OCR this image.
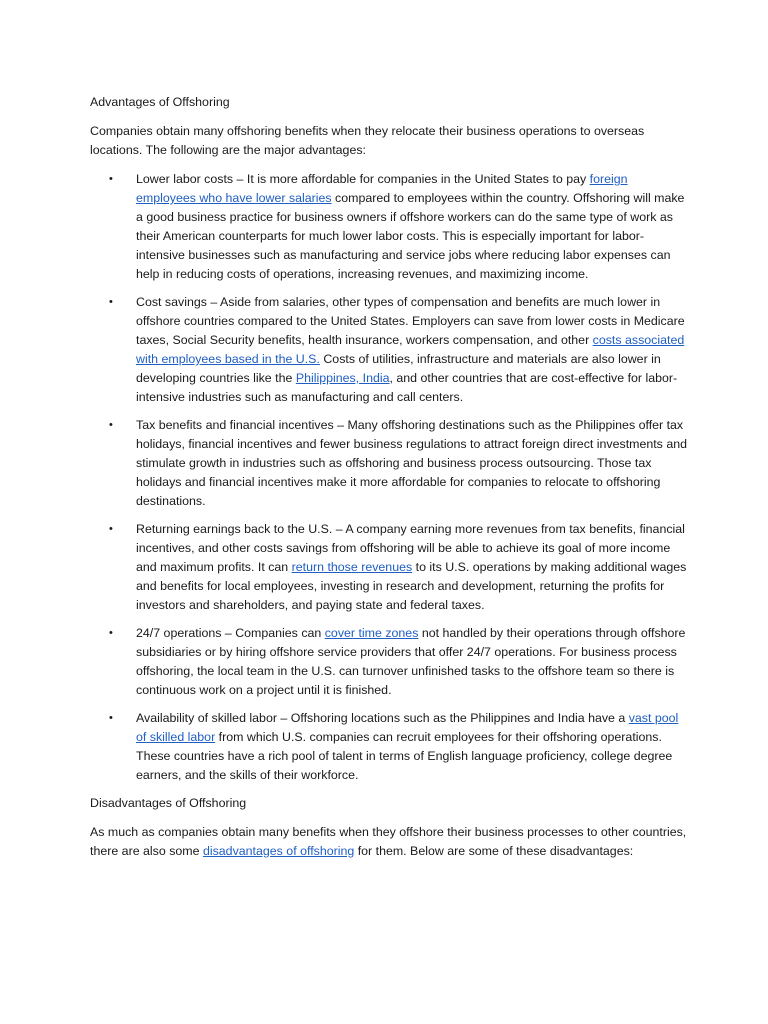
Advantages of Offshoring

Companies obtain many offshoring benefits when they relocate their business operations to overseas locations. The following are the major advantages:

• Lower labor costs – It is more affordable for companies in the United States to pay foreign employees who have lower salaries compared to employees within the country. Offshoring will make a good business practice for business owners if offshore workers can do the same type of work as their American counterparts for much lower labor costs. This is especially important for labor-intensive businesses such as manufacturing and service jobs where reducing labor expenses can help in reducing costs of operations, increasing revenues, and maximizing income.
• Cost savings – Aside from salaries, other types of compensation and benefits are much lower in offshore countries compared to the United States. Employers can save from lower costs in Medicare taxes, Social Security benefits, health insurance, workers compensation, and other costs associated with employees based in the U.S. Costs of utilities, infrastructure and materials are also lower in developing countries like the Philippines, India, and other countries that are cost-effective for labor-intensive industries such as manufacturing and call centers.
• Tax benefits and financial incentives – Many offshoring destinations such as the Philippines offer tax holidays, financial incentives and fewer business regulations to attract foreign direct investments and stimulate growth in industries such as offshoring and business process outsourcing. Those tax holidays and financial incentives make it more affordable for companies to relocate to offshoring destinations.
• Returning earnings back to the U.S. – A company earning more revenues from tax benefits, financial incentives, and other costs savings from offshoring will be able to achieve its goal of more income and maximum profits. It can return those revenues to its U.S. operations by making additional wages and benefits for local employees, investing in research and development, returning the profits for investors and shareholders, and paying state and federal taxes.
• 24/7 operations – Companies can cover time zones not handled by their operations through offshore subsidiaries or by hiring offshore service providers that offer 24/7 operations. For business process offshoring, the local team in the U.S. can turnover unfinished tasks to the offshore team so there is continuous work on a project until it is finished.
• Availability of skilled labor – Offshoring locations such as the Philippines and India have a vast pool of skilled labor from which U.S. companies can recruit employees for their offshoring operations. These countries have a rich pool of talent in terms of English language proficiency, college degree earners, and the skills of their workforce.

Disadvantages of Offshoring

As much as companies obtain many benefits when they offshore their business processes to other countries, there are also some disadvantages of offshoring for them. Below are some of these disadvantages:
